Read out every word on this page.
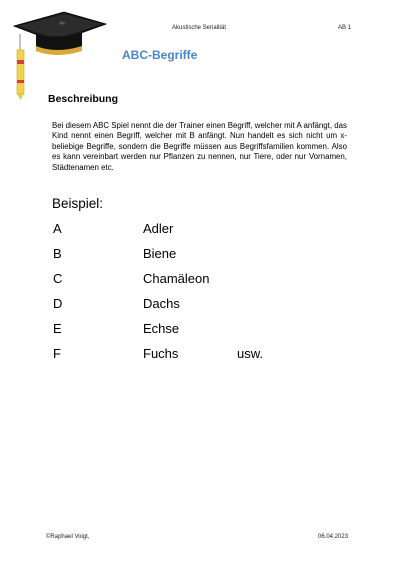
Akustische Serialität	AB 1
ABC-Begriffe
Beschreibung
Bei diesem ABC Spiel nennt die der Trainer einen Begriff, welcher mit A anfängt, das Kind nennt einen Begriff, welcher mit B anfängt. Nun handelt es sich nicht um x-beliebige Begriffe, sondern die Begriffe müssen aus Begriffsfamilien kommen. Also es kann vereinbart werden nur Pflanzen zu nennen, nur Tiere, oder nur Vornamen, Städtenamen etc.
Beispiel:
A	Adler
B	Biene
C	Chamäleon
D	Dachs
E	Echse
F	Fuchs	usw.
©Raphael Voigt,	06.04.2023
